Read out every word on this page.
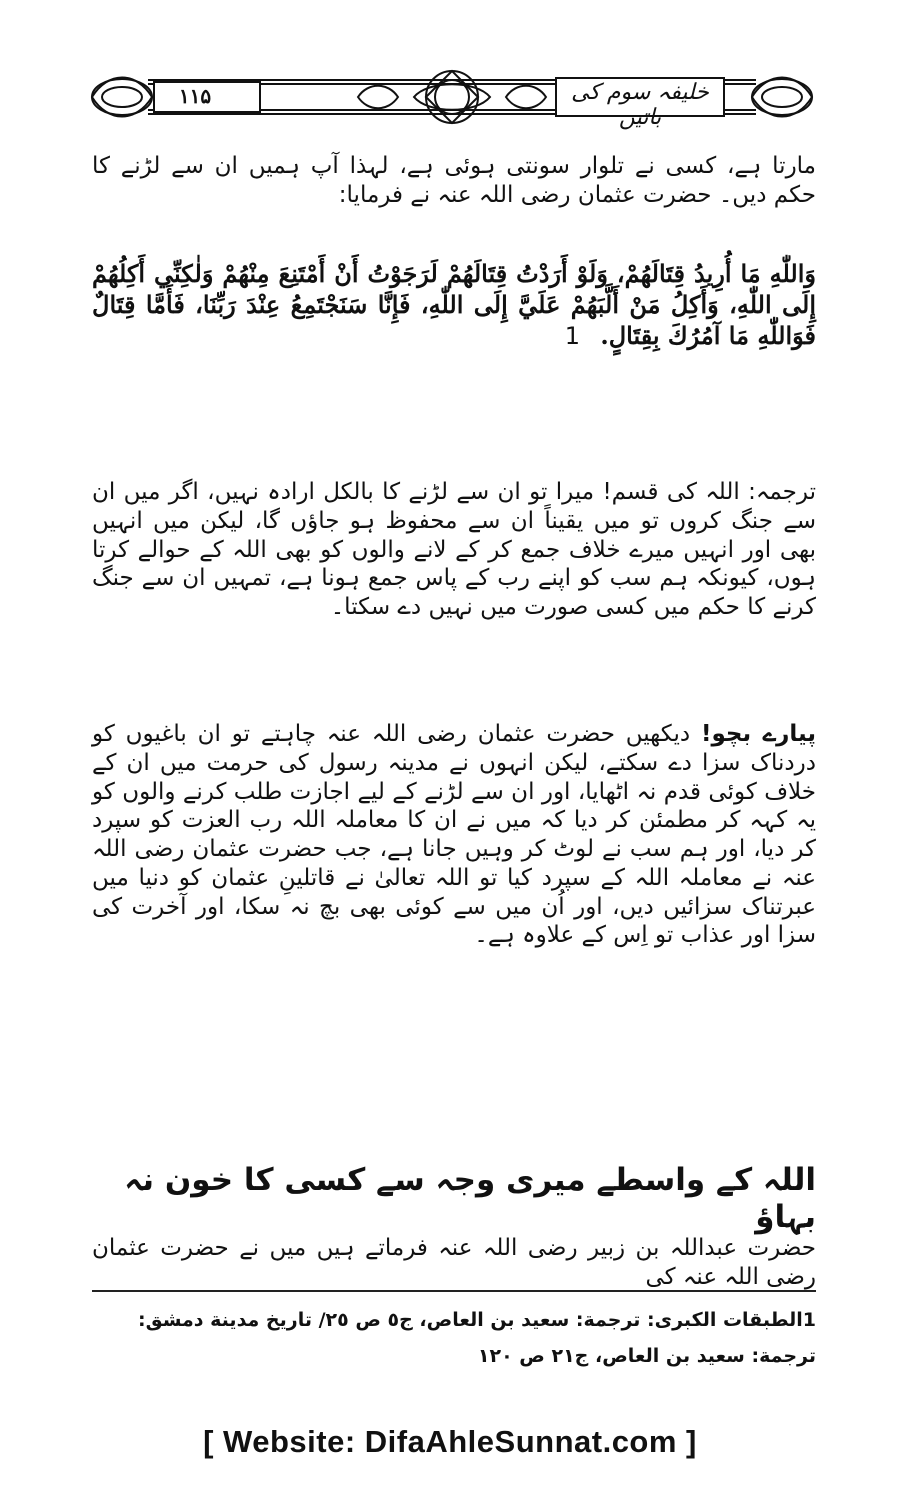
۱۱۵	خلیفہ سوم کی باتیں

مارتا ہے، کسی نے تلوار سونتی ہوئی ہے، لہذا آپ ہمیں ان سے لڑنے کا حکم دیں۔ حضرت عثمان رضی اللہ عنہ نے فرمایا:

وَاللّٰهِ مَا أُرِيدُ قِتَالَهُمْ، وَلَوْ أَرَدْتُ قِتَالَهُمْ لَرَجَوْتُ أَنْ أَمْتَنِعَ مِنْهُمْ وَلٰكِنِّي أَكِلُهُمْ إِلَى اللّٰهِ، وَأَكِلُ مَنْ أَلَّبَهُمْ عَلَيَّ إِلَى اللّٰهِ، فَإِنَّا سَنَجْتَمِعُ عِنْدَ رَبِّنَا، فَأَمَّا قِتَالٌ فَوَاللّٰهِ مَا آمُرُكَ بِقِتَالٍ. 1

ترجمہ: اللہ کی قسم! میرا تو ان سے لڑنے کا بالکل ارادہ نہیں، اگر میں ان سے جنگ کروں تو میں یقیناً ان سے محفوظ ہو جاؤں گا، لیکن میں انہیں بھی اور انہیں میرے خلاف جمع کر کے لانے والوں کو بھی اللہ کے حوالے کرتا ہوں، کیونکہ ہم سب کو اپنے رب کے پاس جمع ہونا ہے، تمہیں ان سے جنگ کرنے کا حکم میں کسی صورت میں نہیں دے سکتا۔

پیارے بچو! دیکھیں حضرت عثمان رضی اللہ عنہ چاہتے تو ان باغیوں کو دردناک سزا دے سکتے، لیکن انہوں نے مدینہ رسول کی حرمت میں ان کے خلاف کوئی قدم نہ اٹھایا، اور ان سے لڑنے کے لیے اجازت طلب کرنے والوں کو یہ کہہ کر مطمئن کر دیا کہ میں نے ان کا معاملہ اللہ رب العزت کو سپرد کر دیا، اور ہم سب نے لوٹ کر وہیں جانا ہے، جب حضرت عثمان رضی اللہ عنہ نے معاملہ اللہ کے سپرد کیا تو اللہ تعالیٰ نے قاتلینِ عثمان کو دنیا میں عبرتناک سزائیں دیں، اور اُن میں سے کوئی بھی بچ نہ سکا، اور آخرت کی سزا اور عذاب تو اِس کے علاوہ ہے۔

اللہ کے واسطے میری وجہ سے کسی کا خون نہ بہاؤ

حضرت عبداللہ بن زبیر رضی اللہ عنہ فرماتے ہیں میں نے حضرت عثمان رضی اللہ عنہ کی

1الطبقات الكبرى: ترجمة: سعيد بن العاص، ج٥ ص ٢٥/ تاريخ مدينة دمشق:
ترجمة: سعيد بن العاص، ج٢١ ص ١٢٠
[ Website: DifaAhleSunnat.com ]
